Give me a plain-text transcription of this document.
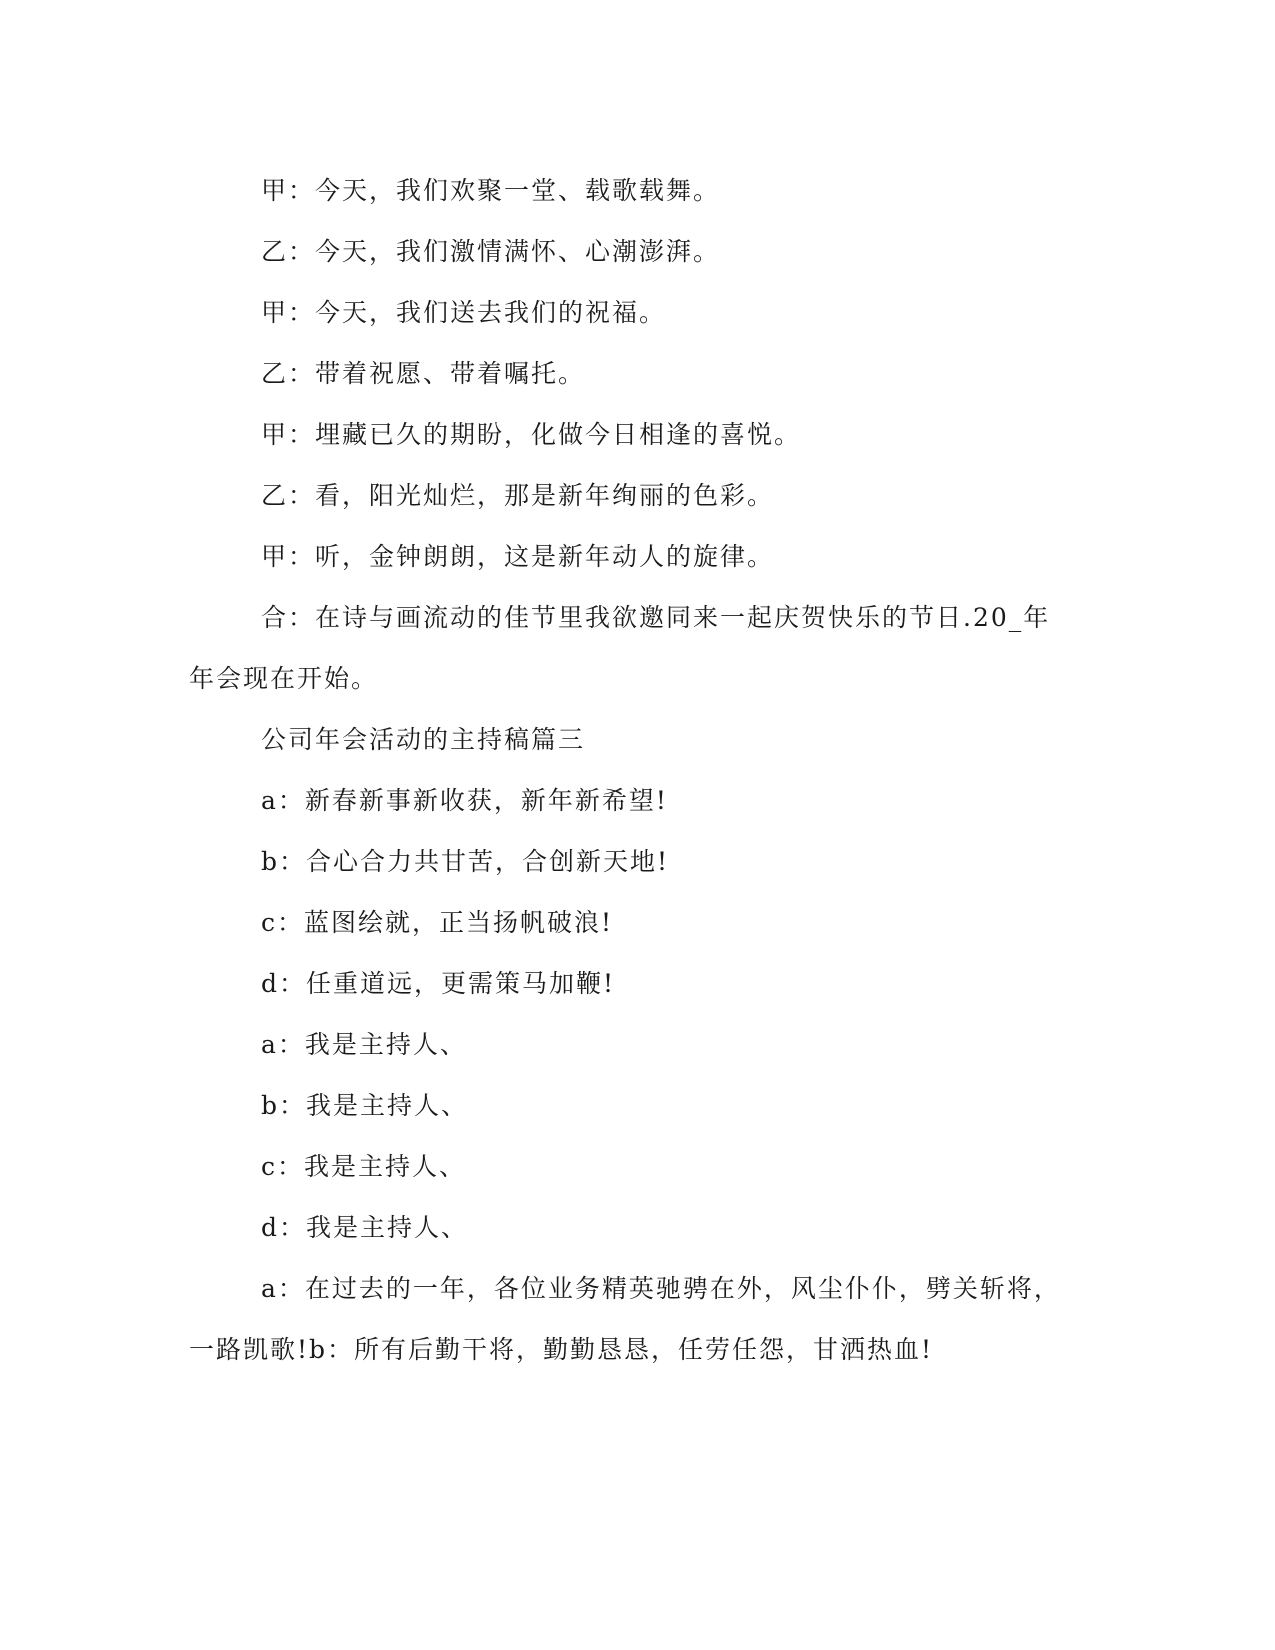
甲：今天，我们欢聚一堂、载歌载舞。

乙：今天，我们激情满怀、心潮澎湃。

甲：今天，我们送去我们的祝福。

乙：带着祝愿、带着嘱托。

甲：埋藏已久的期盼，化做今日相逢的喜悦。

乙：看，阳光灿烂，那是新年绚丽的色彩。

甲：听，金钟朗朗，这是新年动人的旋律。

合：在诗与画流动的佳节里我欲邀同来一起庆贺快乐的节日.20_年年会现在开始。

公司年会活动的主持稿篇三

a：新春新事新收获，新年新希望!

b：合心合力共甘苦，合创新天地!

c：蓝图绘就，正当扬帆破浪!

d：任重道远，更需策马加鞭!

a：我是主持人、

b：我是主持人、

c：我是主持人、

d：我是主持人、

a：在过去的一年，各位业务精英驰骋在外，风尘仆仆，劈关斩将，一路凯歌!b：所有后勤干将，勤勤恳恳，任劳任怨，甘洒热血!
